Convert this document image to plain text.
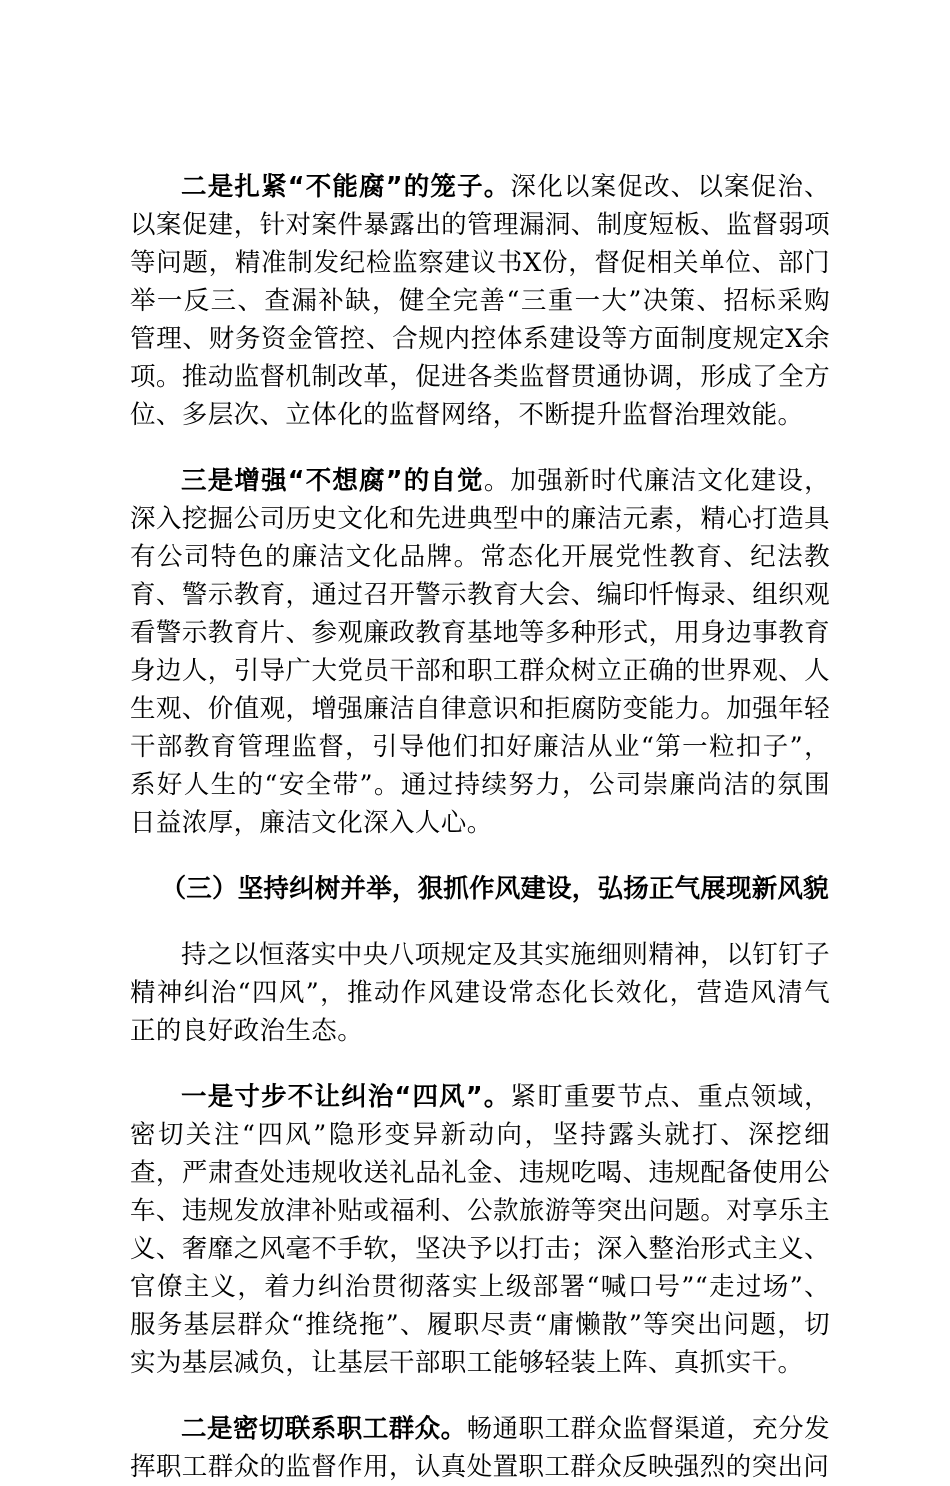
二是扎紧“不能腐”的笼子。深化以案促改、以案促治、以案促建，针对案件暴露出的管理漏洞、制度短板、监督弱项等问题，精准制发纪检监察建议书X份，督促相关单位、部门举一反三、查漏补缺，健全完善“三重一大”决策、招标采购管理、财务资金管控、合规内控体系建设等方面制度规定X余项。推动监督机制改革，促进各类监督贯通协调，形成了全方位、多层次、立体化的监督网络，不断提升监督治理效能。

三是增强“不想腐”的自觉。加强新时代廉洁文化建设，深入挖掘公司历史文化和先进典型中的廉洁元素，精心打造具有公司特色的廉洁文化品牌。常态化开展党性教育、纪法教育、警示教育，通过召开警示教育大会、编印忏悔录、组织观看警示教育片、参观廉政教育基地等多种形式，用身边事教育身边人，引导广大党员干部和职工群众树立正确的世界观、人生观、价值观，增强廉洁自律意识和拒腐防变能力。加强年轻干部教育管理监督，引导他们扣好廉洁从业“第一粒扣子”，系好人生的“安全带”。通过持续努力，公司崇廉尚洁的氛围日益浓厚，廉洁文化深入人心。

（三）坚持纠树并举，狠抓作风建设，弘扬正气展现新风貌

持之以恒落实中央八项规定及其实施细则精神，以钉钉子精神纠治“四风”，推动作风建设常态化长效化，营造风清气正的良好政治生态。

一是寸步不让纠治“四风”。紧盯重要节点、重点领域，密切关注“四风”隐形变异新动向，坚持露头就打、深挖细查，严肃查处违规收送礼品礼金、违规吃喝、违规配备使用公车、违规发放津补贴或福利、公款旅游等突出问题。对享乐主义、奢靡之风毫不手软，坚决予以打击；深入整治形式主义、官僚主义，着力纠治贯彻落实上级部署“喊口号”“走过场”、服务基层群众“推绕拖”、履职尽责“庸懒散”等突出问题，切实为基层减负，让基层干部职工能够轻装上阵、真抓实干。

二是密切联系职工群众。畅通职工群众监督渠道，充分发挥职工群众的监督作用，认真处置职工群众反映强烈的突出问
